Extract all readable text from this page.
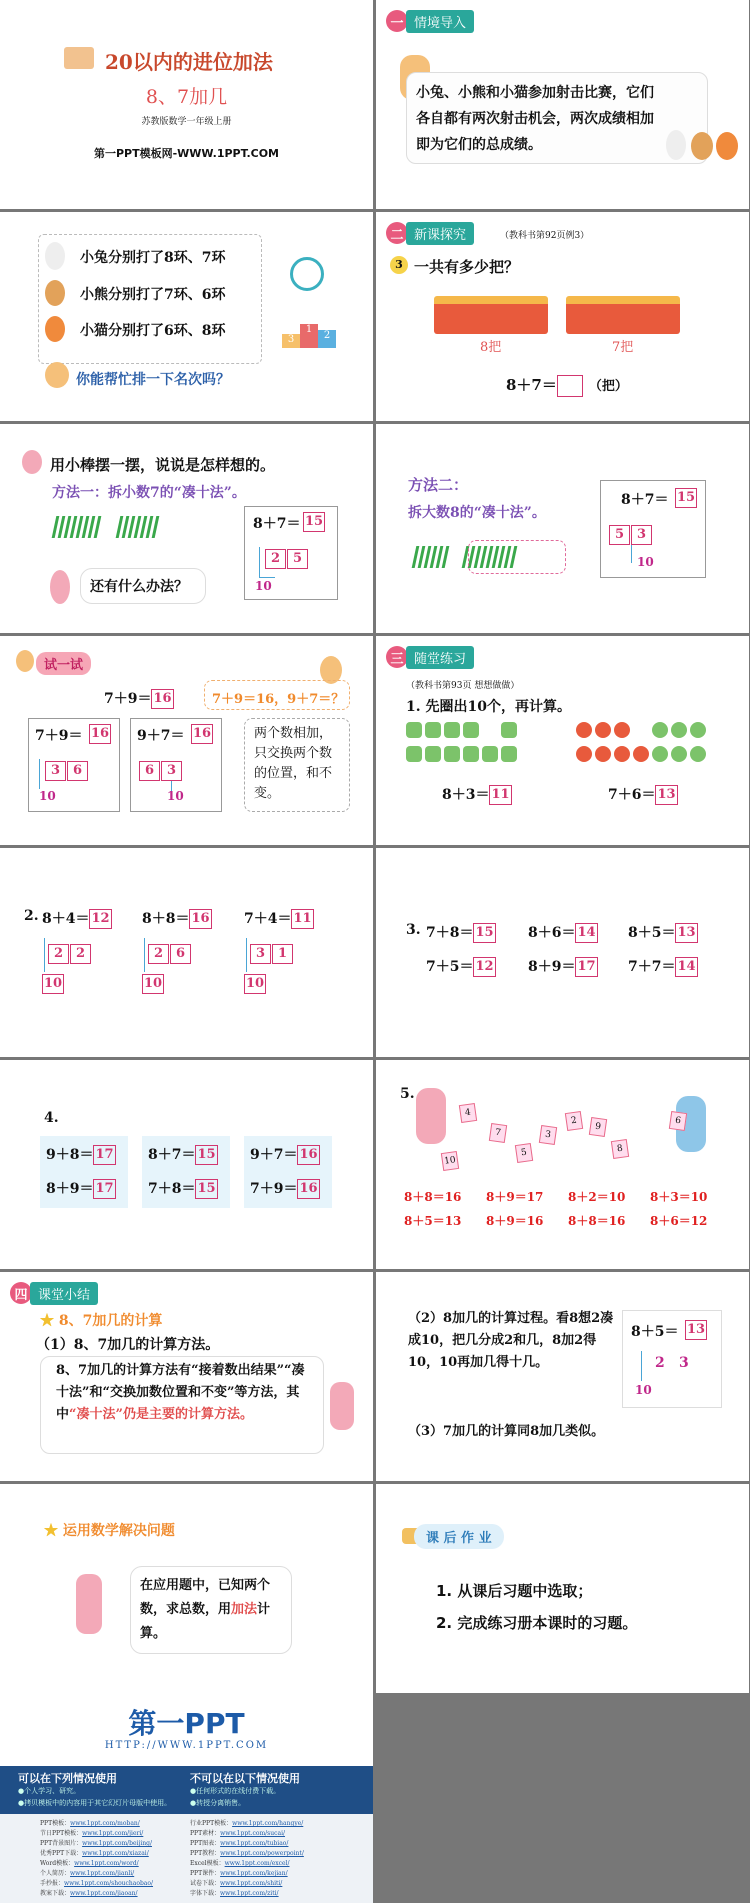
20以内的进位加法
8、7加几
苏教版数学一年级上册
第一PPT模板网-WWW.1PPT.COM
一 情境导入
小兔、小熊和小猫参加射击比赛，它们各自都有两次射击机会，两次成绩相加即为它们的总成绩。
小兔分别打了8环、7环
小熊分别打了7环、6环
小猫分别打了6环、8环
3
1
2
你能帮忙排一下名次吗？
二 新课探究	（教科书第92页例3）
3 一共有多少把？
8把	7把
8＋7＝ （把）
用小棒摆一摆，说说是怎样想的。
方法一：拆小数7的“凑十法”。

8＋7＝ 15
2 5
10
还有什么办法？
方法二：
拆大数8的“凑十法”。
8＋7＝ 15
5 3
10

试一试
7＋9＝ 16	7＋9＝16，9＋7＝？
7＋9＝ 16
3 6
10
9＋7＝ 16
6 3
10
两个数相加，只交换两个数的位置，和不变。
三 随堂练习
（教科书第93页 想想做做）
1. 先圈出10个，再计算。
8＋3＝ 11	7＋6＝ 13
2. 8＋4＝ 12
2 2
10
8＋8＝ 16
2 6
10
7＋4＝ 11
3 1
10
3. 7＋8＝ 15 8＋6＝ 14 8＋5＝ 13
7＋5＝ 12 8＋9＝ 17 7＋7＝ 14
4.
9＋8＝ 17
8＋9＝ 17
8＋7＝ 15
7＋8＝ 15
9＋7＝ 16
7＋9＝ 16
5.
4
7
5
3
2
9
8
6
10
8＋8＝16 8＋9＝17 8＋2＝10 8＋3＝10
8＋5＝13 8＋9＝16 8＋8＝16 8＋6＝12
四 课堂小结
★ 8、7加几的计算
（1）8、7加几的计算方法。
8、7加几的计算方法有“接着数出结果”“凑十法”和“交换加数位置和不变”等方法，其中“凑十法”仍是主要的计算方法。
（2）8加几的计算过程。看8想2凑成10，把几分成2和几，8加2得10，10再加几得十几。
8＋5＝ 13
2 3
10
（3）7加几的计算同8加几类似。
★ 运用数学解决问题
在应用题中，已知两个数，求总数，用加法计算。
课 后 作 业
1. 从课后习题中选取；
2. 完成练习册本课时的习题。
第一PPT
HTTP://WWW.1PPT.COM
可以在下列情况使用
●个人学习、研究。
●拷贝模板中的内容用于其它幻灯片母版中使用。
不可以在以下情况使用
●任何形式的在线付费下载。
●转授分离销售。
PPT模板：www.1ppt.com/moban/
节日PPT模板：www.1ppt.com/jieri/
PPT背景图片：www.1ppt.com/beijing/
优秀PPT下载：www.1ppt.com/xiazai/
Word模板：www.1ppt.com/word/
个人简历：www.1ppt.com/jianli/
手抄报：www.1ppt.com/shouchaobao/
教案下载：www.1ppt.com/jiaoan/
行业PPT模板：www.1ppt.com/hangye/
PPT素材：www.1ppt.com/sucai/
PPT图表：www.1ppt.com/tubiao/
PPT教程：www.1ppt.com/powerpoint/
Excel模板：www.1ppt.com/excel/
PPT课件：www.1ppt.com/kejian/
试卷下载：www.1ppt.com/shiti/
字体下载：www.1ppt.com/ziti/
